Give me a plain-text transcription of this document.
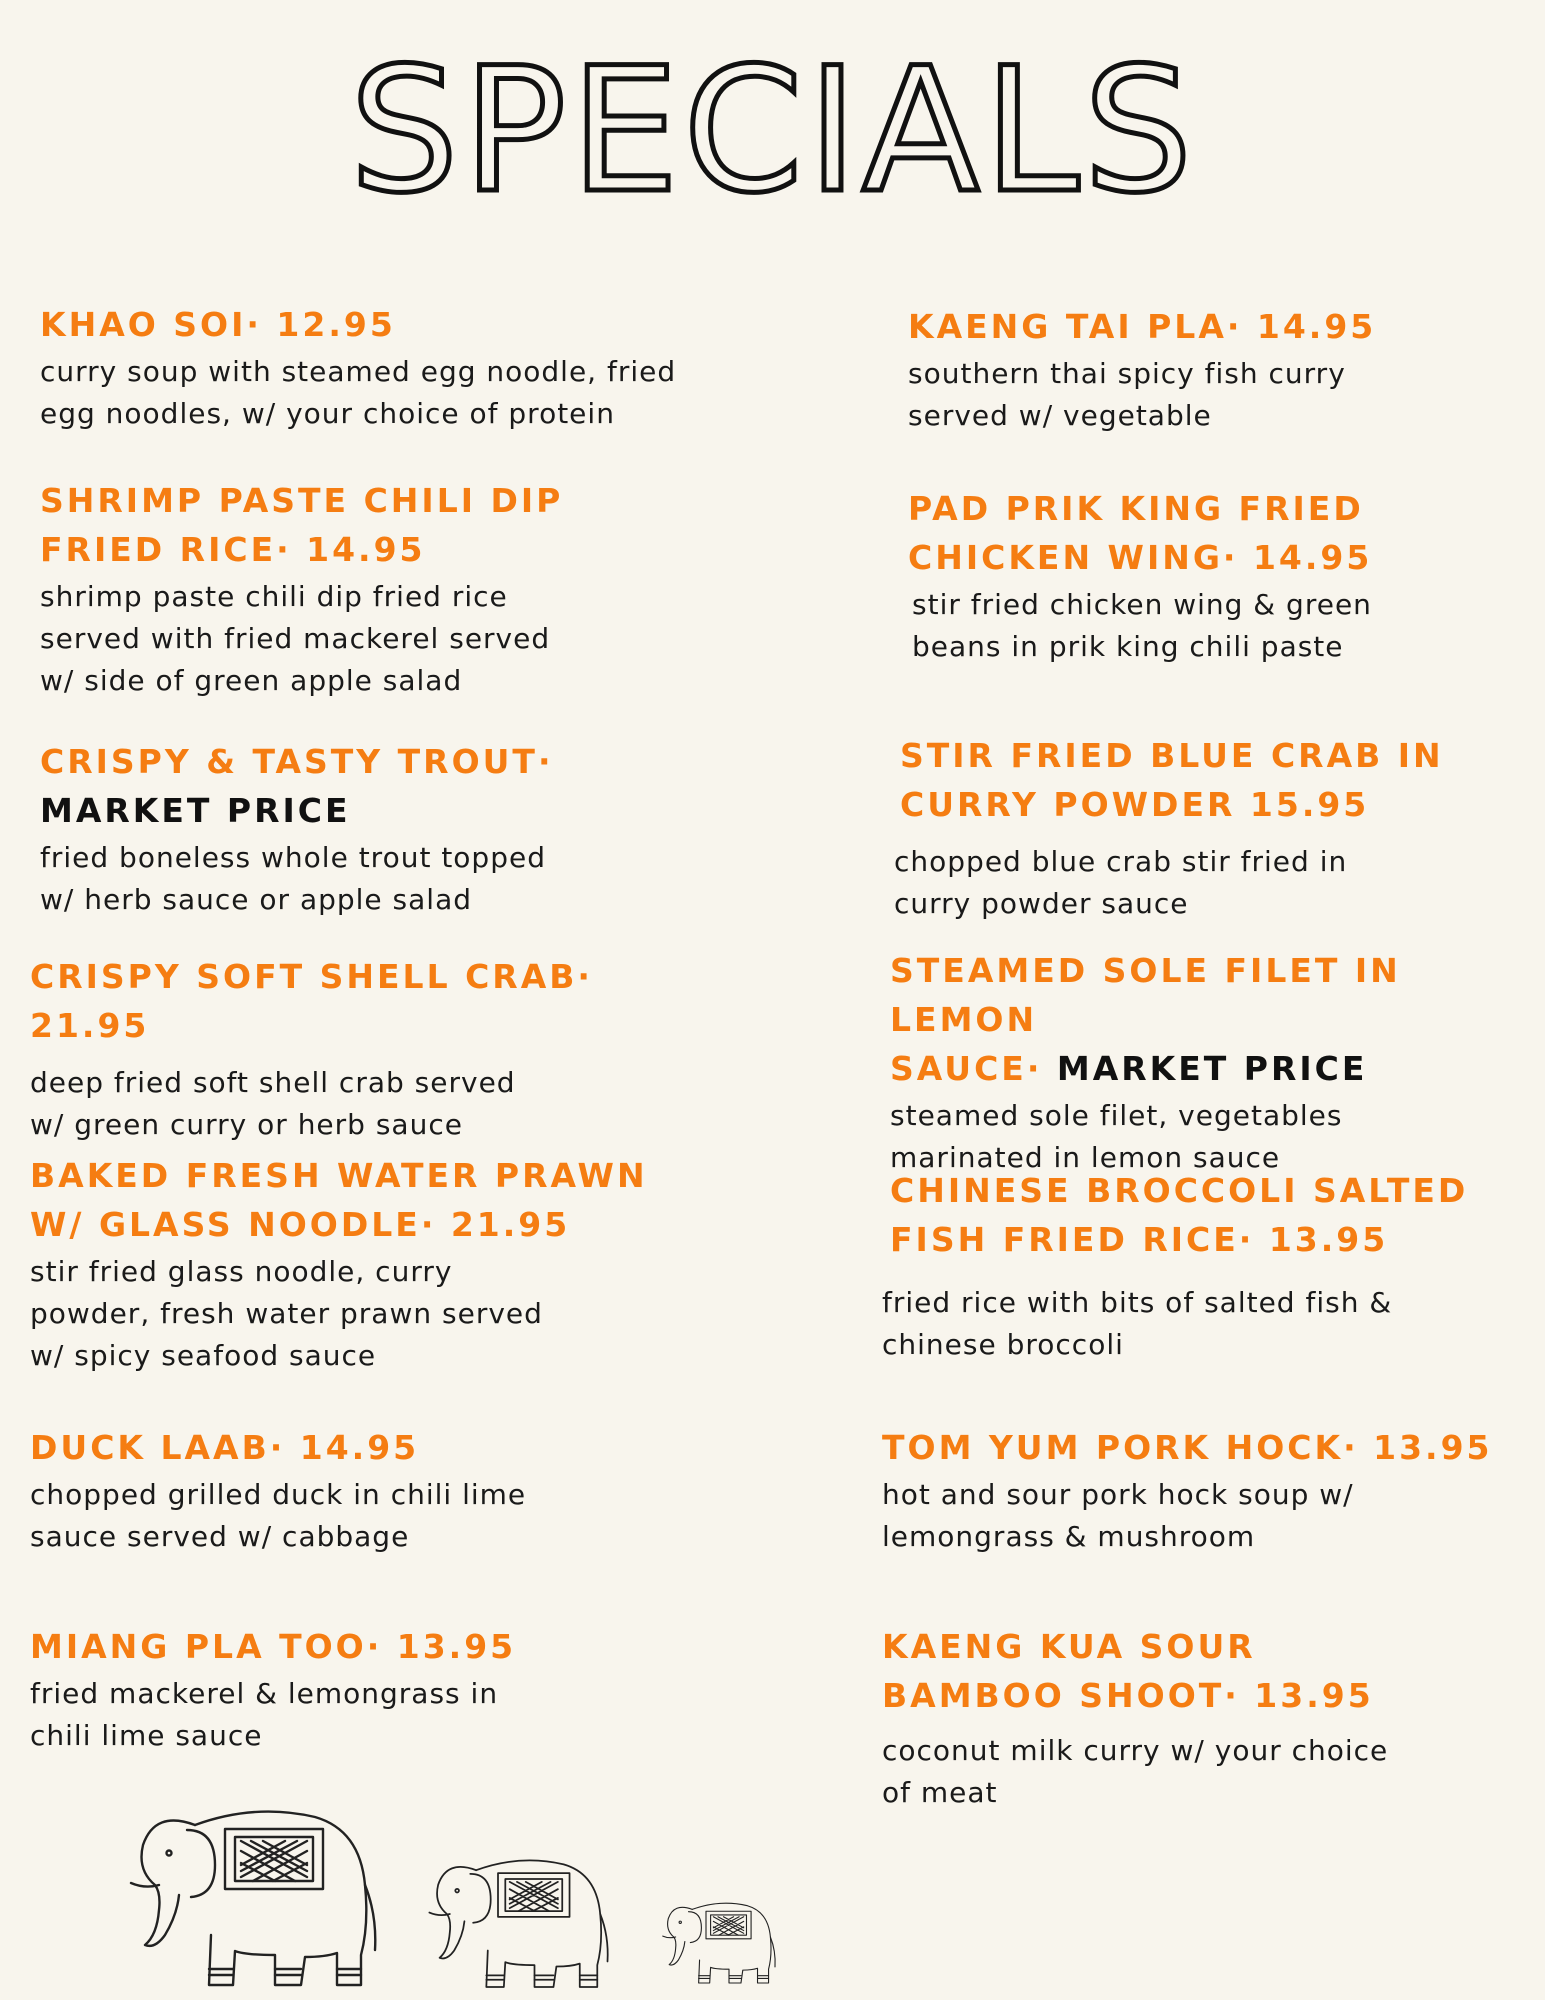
SPECIALS

KHAO SOI· 12.95

curry soup with steamed egg noodle, fried
egg noodles, w/ your choice of protein

SHRIMP PASTE CHILI DIP
FRIED RICE· 14.95

shrimp paste chili dip fried rice
served with fried mackerel served
w/ side of green apple salad

CRISPY & TASTY TROUT·
MARKET PRICE

fried boneless whole trout topped
w/ herb sauce or apple salad

CRISPY SOFT SHELL CRAB· 21.95

deep fried soft shell crab served
w/ green curry or herb sauce

BAKED FRESH WATER PRAWN
W/ GLASS NOODLE· 21.95

stir fried glass noodle, curry
powder, fresh water prawn served
w/ spicy seafood sauce

DUCK LAAB· 14.95

chopped grilled duck in chili lime
sauce served w/ cabbage

MIANG PLA TOO· 13.95

fried mackerel & lemongrass in
chili lime sauce

KAENG TAI PLA· 14.95

southern thai spicy fish curry
served w/ vegetable

PAD PRIK KING FRIED
CHICKEN WING· 14.95

stir fried chicken wing & green
beans in prik king chili paste

STIR FRIED BLUE CRAB IN
CURRY POWDER 15.95

chopped blue crab stir fried in
curry powder sauce

STEAMED SOLE FILET IN LEMON
SAUCE· MARKET PRICE

steamed sole filet, vegetables
marinated in lemon sauce

CHINESE BROCCOLI SALTED
FISH FRIED RICE· 13.95

fried rice with bits of salted fish &
chinese broccoli

TOM YUM PORK HOCK· 13.95

hot and sour pork hock soup w/
lemongrass & mushroom

KAENG KUA SOUR
BAMBOO SHOOT· 13.95

coconut milk curry w/ your choice
of meat
